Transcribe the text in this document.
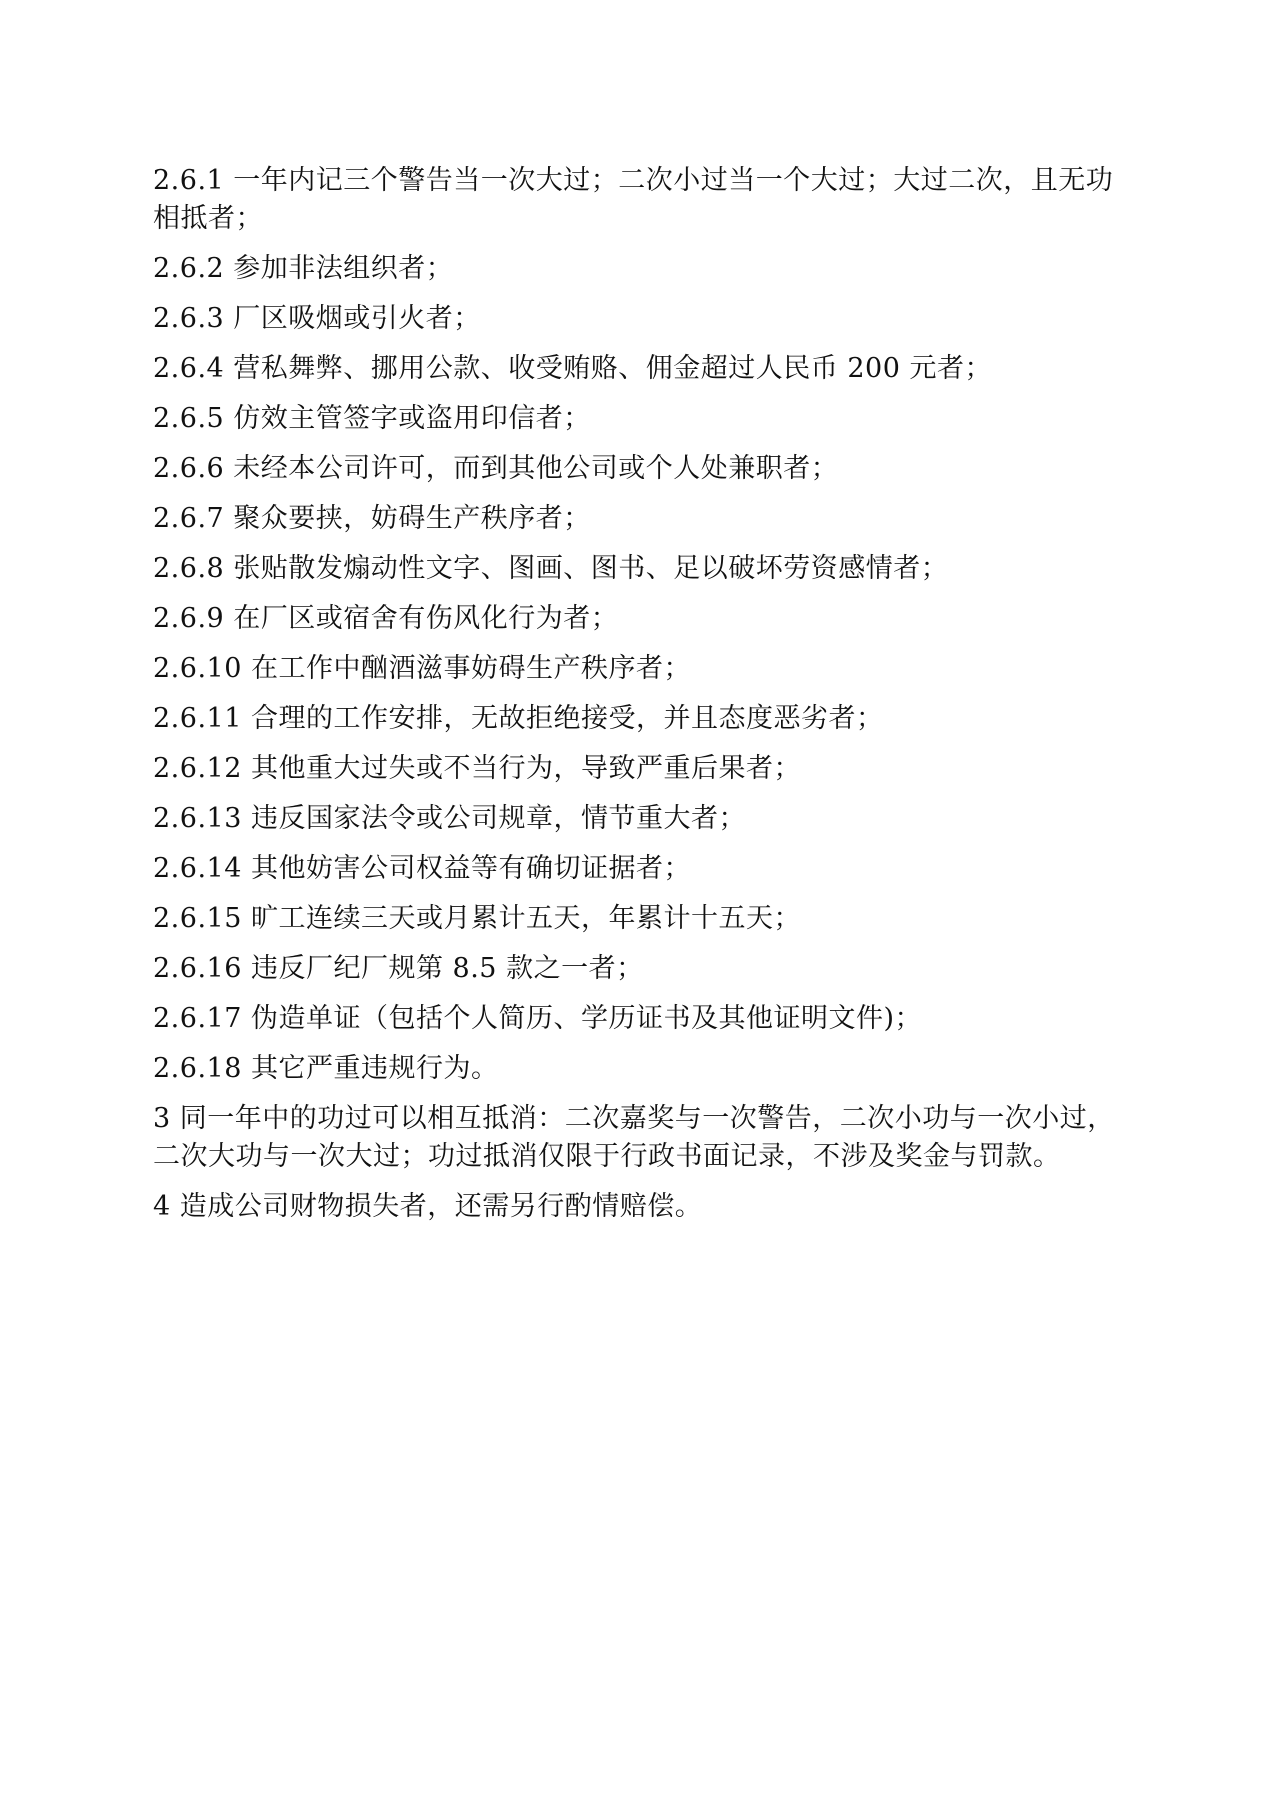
2.6.1 一年内记三个警告当一次大过；二次小过当一个大过；大过二次，且无功相抵者；

2.6.2 参加非法组织者；

2.6.3 厂区吸烟或引火者；

2.6.4 营私舞弊、挪用公款、收受贿赂、佣金超过人民币 200 元者；

2.6.5 仿效主管签字或盗用印信者；

2.6.6 未经本公司许可，而到其他公司或个人处兼职者；

2.6.7 聚众要挟，妨碍生产秩序者；

2.6.8 张贴散发煽动性文字、图画、图书、足以破坏劳资感情者；

2.6.9 在厂区或宿舍有伤风化行为者；

2.6.10 在工作中酗酒滋事妨碍生产秩序者；

2.6.11 合理的工作安排，无故拒绝接受，并且态度恶劣者；

2.6.12 其他重大过失或不当行为，导致严重后果者；

2.6.13 违反国家法令或公司规章，情节重大者；

2.6.14 其他妨害公司权益等有确切证据者；

2.6.15 旷工连续三天或月累计五天，年累计十五天；

2.6.16 违反厂纪厂规第 8.5 款之一者；

2.6.17 伪造单证（包括个人简历、学历证书及其他证明文件)；

2.6.18 其它严重违规行为。

3 同一年中的功过可以相互抵消：二次嘉奖与一次警告，二次小功与一次小过，二次大功与一次大过；功过抵消仅限于行政书面记录，不涉及奖金与罚款。

4 造成公司财物损失者，还需另行酌情赔偿。
